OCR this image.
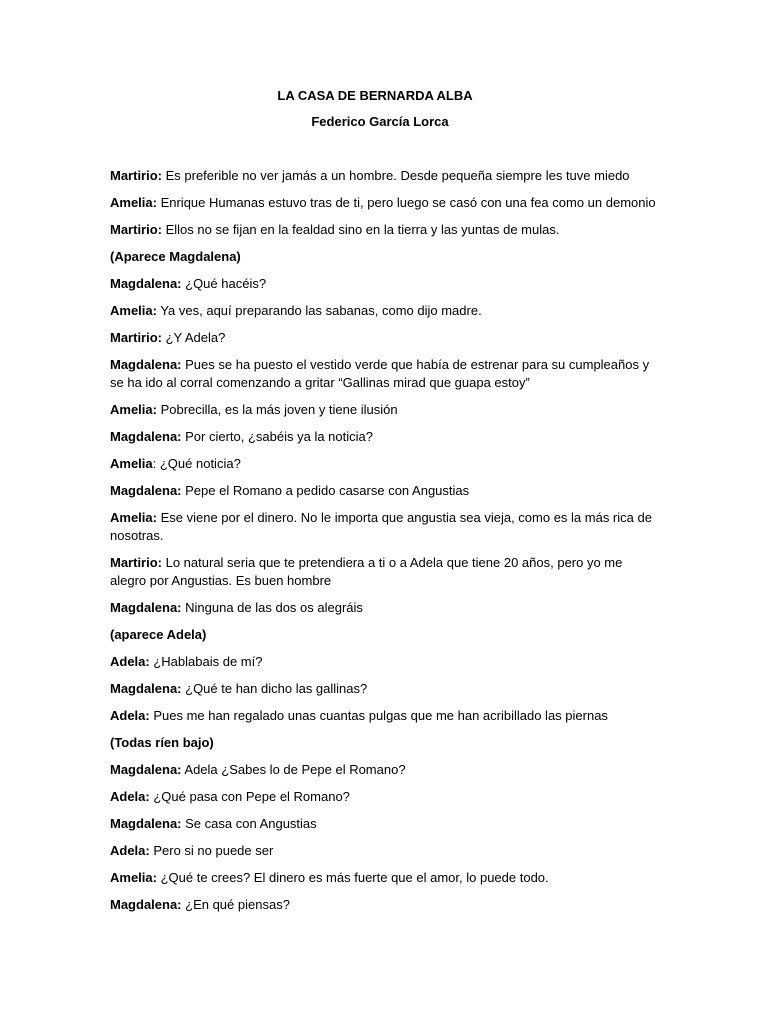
LA CASA DE BERNARDA ALBA

Federico García Lorca

Martirio: Es preferible no ver jamás a un hombre. Desde pequeña siempre les tuve miedo

Amelia: Enrique Humanas estuvo tras de ti, pero luego se casó con una fea como un demonio

Martirio: Ellos no se fijan en la fealdad sino en la tierra y las yuntas de mulas.

(Aparece Magdalena)

Magdalena: ¿Qué hacéis?

Amelia: Ya ves, aquí preparando las sabanas, como dijo madre.

Martirio: ¿Y Adela?

Magdalena: Pues se ha puesto el vestido verde que había de estrenar para su cumpleaños y se ha ido al corral comenzando a gritar “Gallinas mirad que guapa estoy”

Amelia: Pobrecilla, es la más joven y tiene ilusión

Magdalena: Por cierto, ¿sabéis ya la noticia?

Amelia: ¿Qué noticia?

Magdalena: Pepe el Romano a pedido casarse con Angustias

Amelia: Ese viene por el dinero. No le importa que angustia sea vieja, como es la más rica de nosotras.

Martirio: Lo natural seria que te pretendiera a ti o a Adela que tiene 20 años, pero yo me alegro por Angustias. Es buen hombre

Magdalena: Ninguna de las dos os alegráis

(aparece Adela)

Adela: ¿Hablabais de mí?

Magdalena: ¿Qué te han dicho las gallinas?

Adela: Pues me han regalado unas cuantas pulgas que me han acribillado las piernas

(Todas ríen bajo)

Magdalena: Adela ¿Sabes lo de Pepe el Romano?

Adela: ¿Qué pasa con Pepe el Romano?

Magdalena: Se casa con Angustias

Adela: Pero si no puede ser

Amelia: ¿Qué te crees? El dinero es más fuerte que el amor, lo puede todo.

Magdalena: ¿En qué piensas?
